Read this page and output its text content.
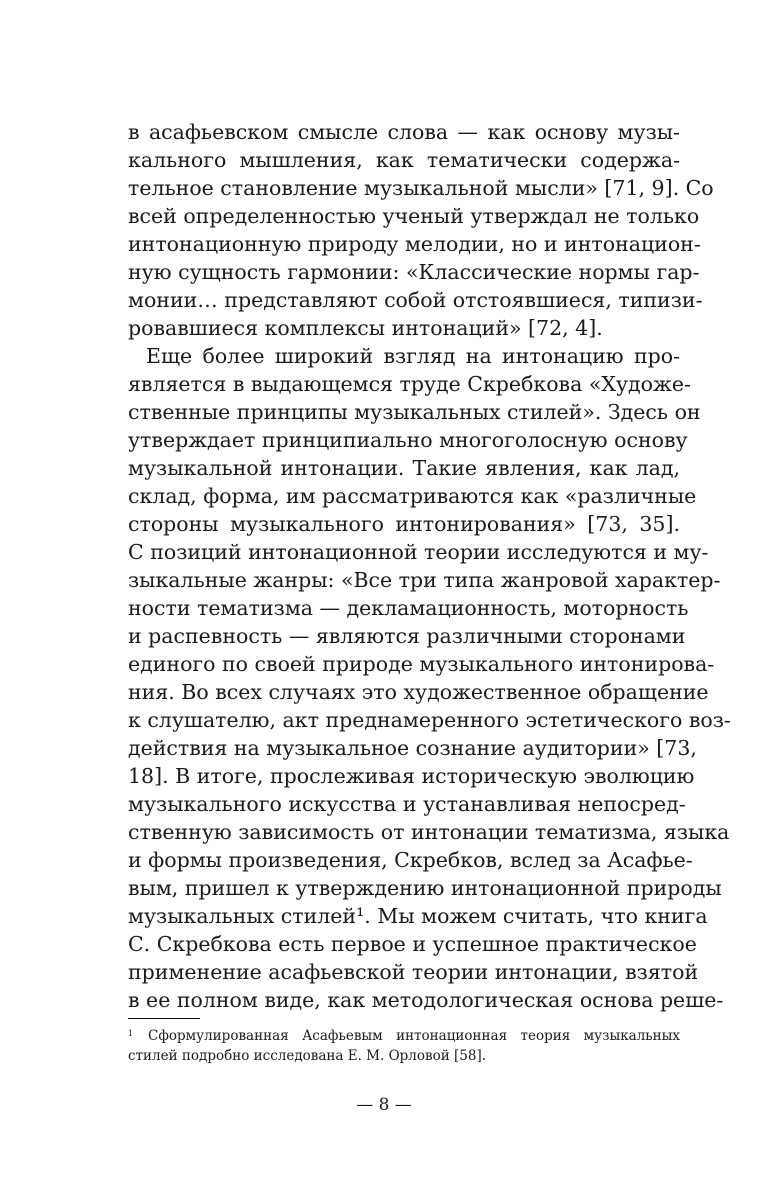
в асафьевском смысле слова — как основу музы-
кального мышления, как тематически содержа-
тельное становление музыкальной мысли» [71, 9]. Со
всей определенностью ученый утверждал не только
интонационную природу мелодии, но и интонацион-
ную сущность гармонии: «Классические нормы гар-
монии… представляют собой отстоявшиеся, типизи-
ровавшиеся комплексы интонаций» [72, 4].
Еще более широкий взгляд на интонацию про-
является в выдающемся труде Скребкова «Художе-
ственные принципы музыкальных стилей». Здесь он
утверждает принципиально многоголосную основу
музыкальной интонации. Такие явления, как лад,
склад, форма, им рассматриваются как «различные
стороны музыкального интонирования» [73, 35].
С позиций интонационной теории исследуются и му-
зыкальные жанры: «Все три типа жанровой характер-
ности тематизма — декламационность, моторность
и распевность — являются различными сторонами
единого по своей природе музыкального интонирова-
ния. Во всех случаях это художественное обращение
к слушателю, акт преднамеренного эстетического воз-
действия на музыкальное сознание аудитории» [73,
18]. В итоге, прослеживая историческую эволюцию
музыкального искусства и устанавливая непосред-
ственную зависимость от интонации тематизма, языка
и формы произведения, Скребков, вслед за Асафье-
вым, пришел к утверждению интонационной природы
музыкальных стилей¹. Мы можем считать, что книга
С. Скребкова есть первое и успешное практическое
применение асафьевской теории интонации, взятой
в ее полном виде, как методологическая основа реше-
$^1$ Сформулированная Асафьевым интонационная теория музыкальных
стилей подробно исследована Е. М. Орловой [58].
— 8 —
